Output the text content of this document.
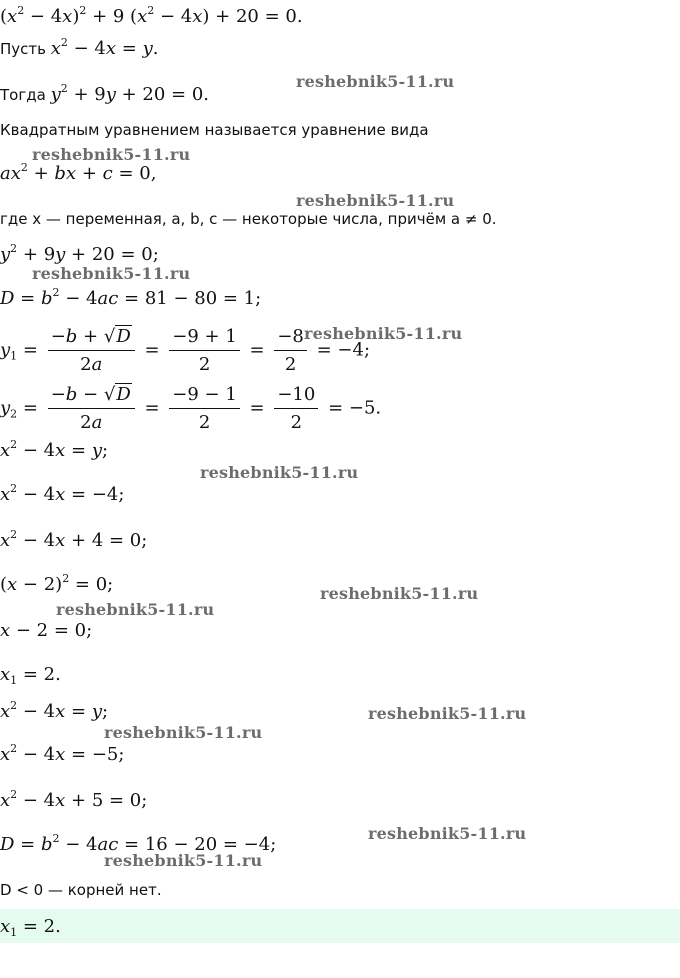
$(x^2 - 4x)^2 + 9$ $(x^2 - 4x) + 20 = 0$.
Пусть $x^2 - 4x = y$.
Тогда $y^2 + 9y + 20 = 0$.
Квадратным уравнением называется уравнение вида
$ax^2$ + bx + c = 0,
где x — переменная, a, b, c — некоторые числа, причём a ≠ 0.
$y^2 + 9y + 20 = 0$;
$D = b^2 - 4ac = 81 - 80 = 1$;
$y_1 = \frac{-b + √D}{2a} = \frac{-9 + 1}{2} = \frac{-8}{2} = -4$;
$y_2 = \frac{-b - √D}{2a} = \frac{-9 - 1}{2} = \frac{-10}{2} = -5$.
$x^2 - 4x = y$;
$x^2 - 4x = -4$;
$x^2 - 4x + 4 = 0$;
$(x - 2)^2 = 0$;
x − 2 = 0;
$x_1 = 2$.
$x^2 - 4x = y$;
$x^2 - 4x = -5$;
$x^2 - 4x + 5 = 0$;
$D = b^2 - 4ac = 16 - 20 = -4$;
D < 0 — корней нет.
$x_1 = 2$.
reshebnik5-11.ru
reshebnik5-11.ru
reshebnik5-11.ru
reshebnik5-11.ru
reshebnik5-11.ru
reshebnik5-11.ru
reshebnik5-11.ru
reshebnik5-11.ru
reshebnik5-11.ru
reshebnik5-11.ru
reshebnik5-11.ru
reshebnik5-11.ru
